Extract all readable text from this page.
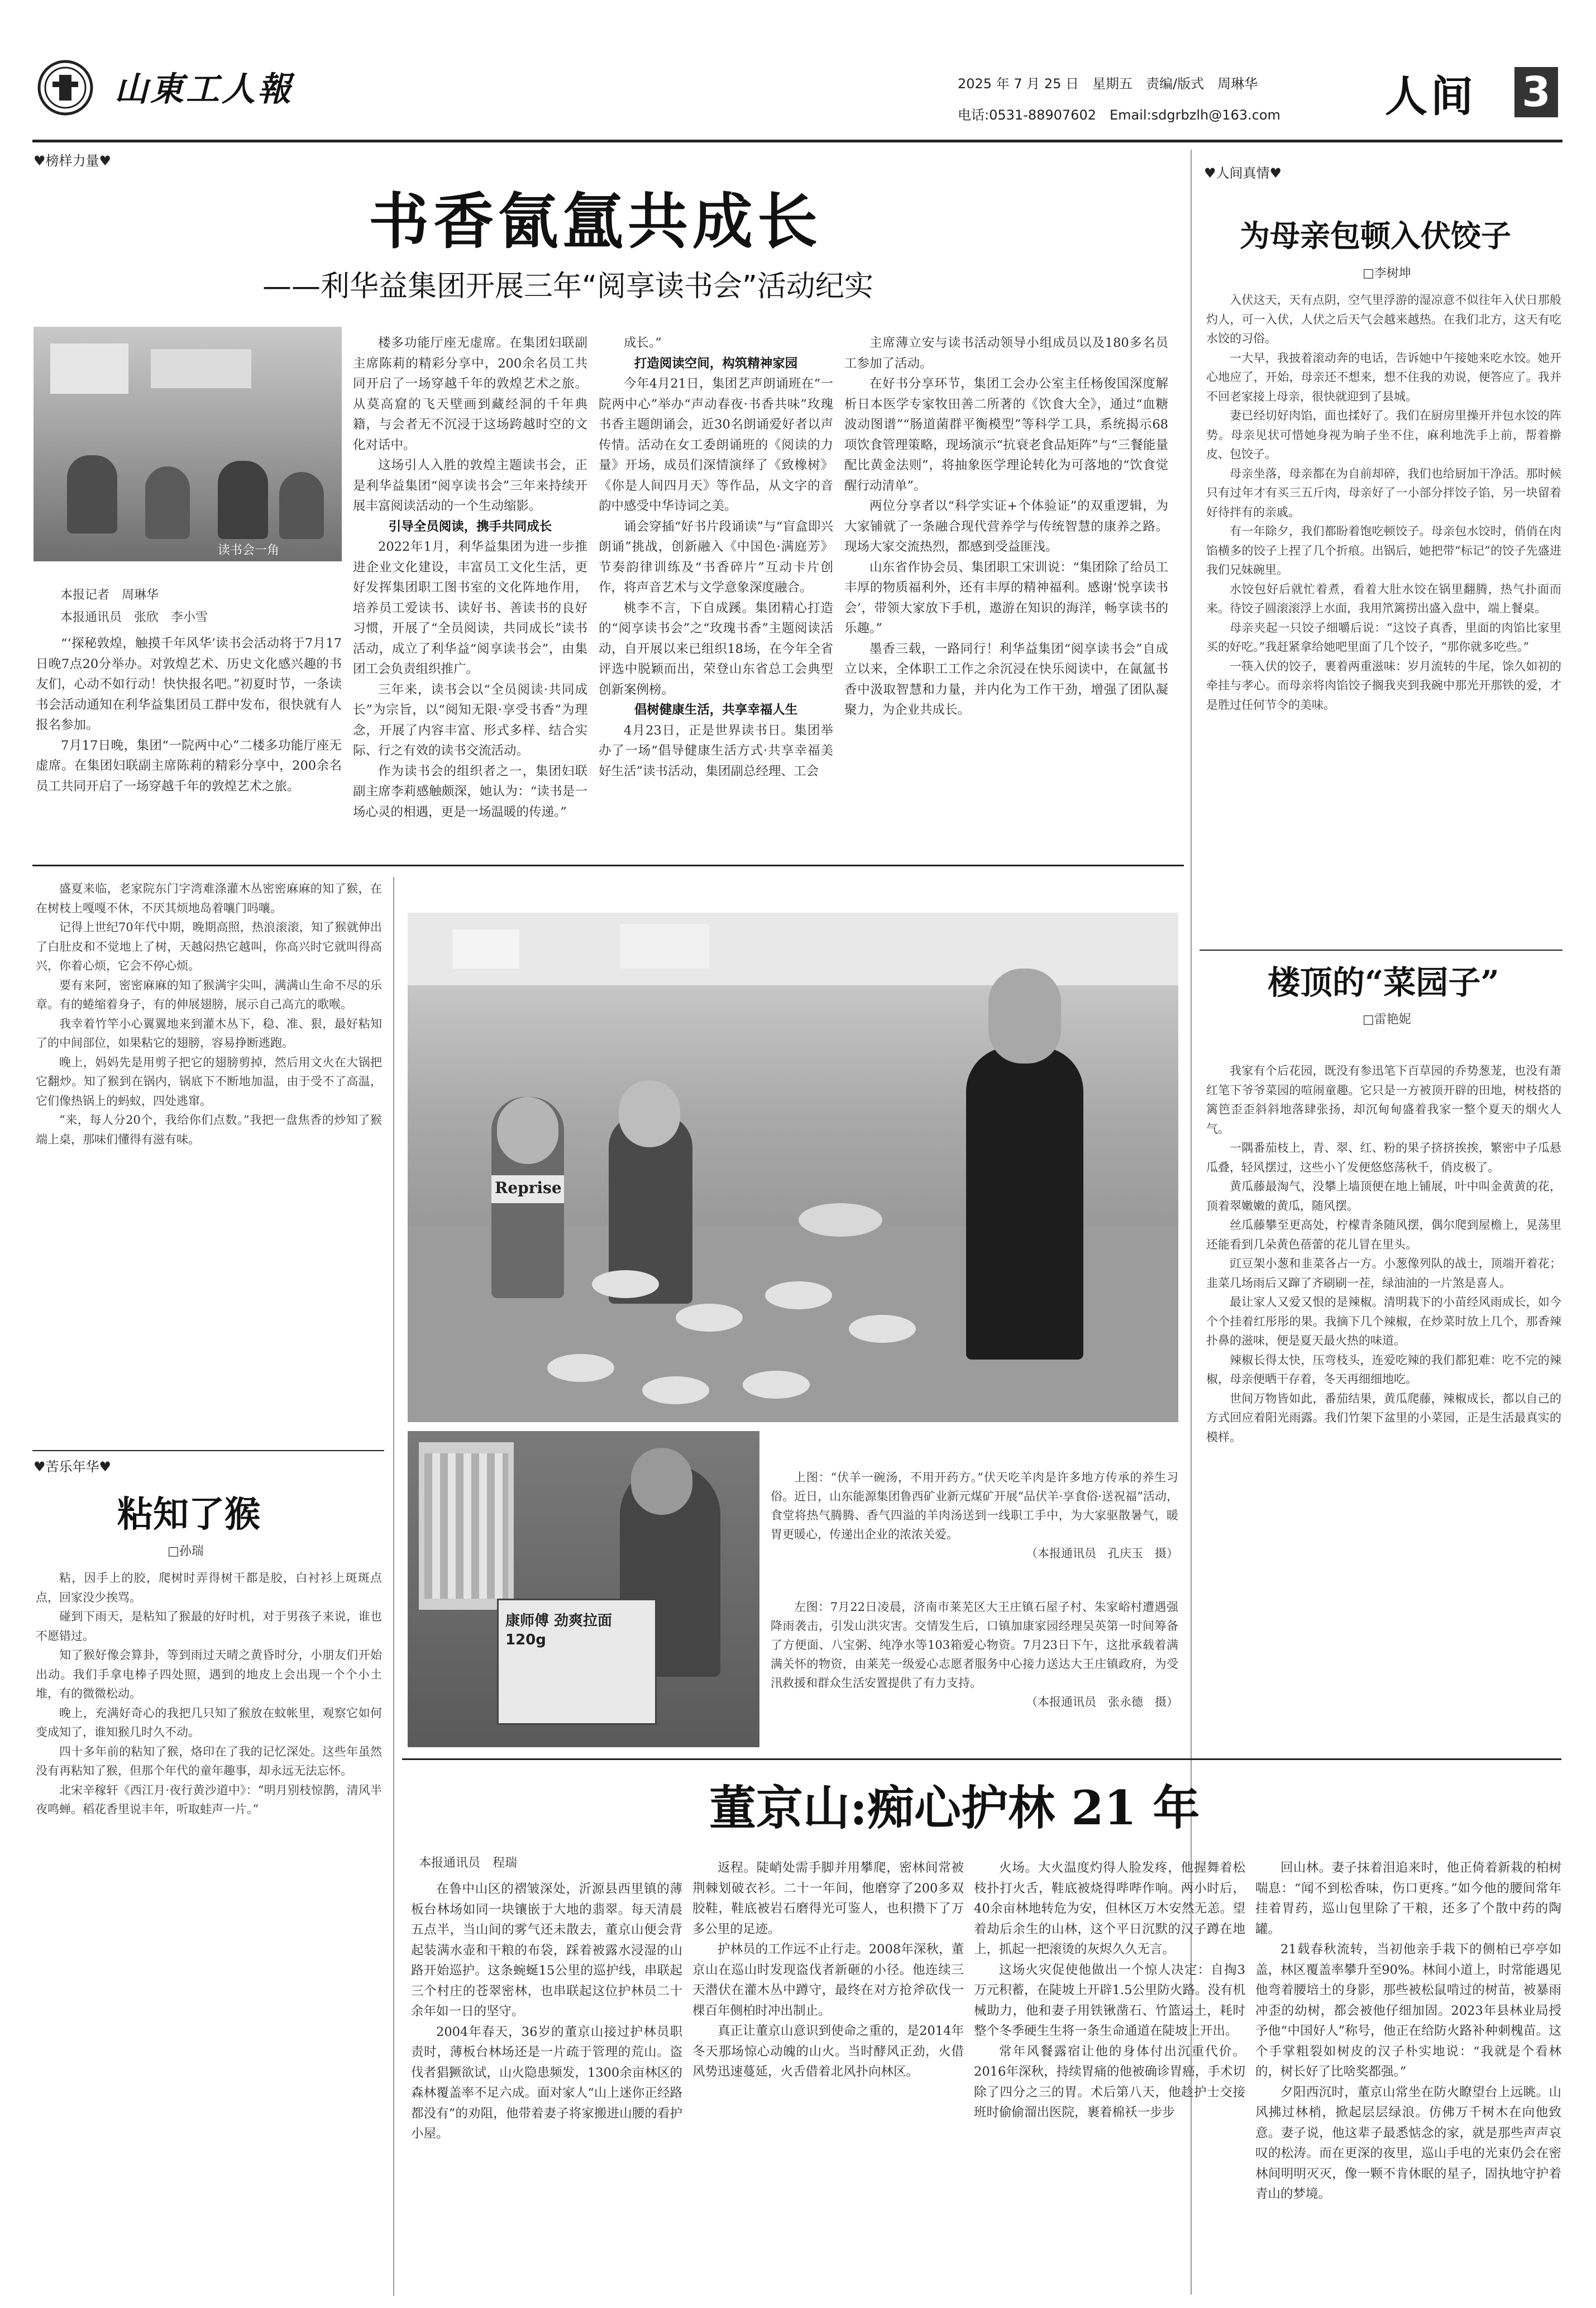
山東工人報	2025 年 7 月 25 日　星期五　责编/版式　周琳华
电话:0531-88907602　Email:sdgrbzlh@163.com 人间 3
♥榜样力量♥
书香氤氲共成长
——利华益集团开展三年“阅享读书会”活动纪实
读书会一角
本报记者　周琳华
本报通讯员　张欣　李小雪

“‘探秘敦煌，触摸千年风华’读书会活动将于7月17日晚7点20分举办。对敦煌艺术、历史文化感兴趣的书友们，心动不如行动！快快报名吧。”初夏时节，一条读书会活动通知在利华益集团员工群中发布，很快就有人报名参加。

7月17日晚，集团“一院两中心”二楼多功能厅座无虚席。在集团妇联副主席陈莉的精彩分享中，200余名员工共同开启了一场穿越千年的敦煌艺术之旅。

楼多功能厅座无虚席。在集团妇联副主席陈莉的精彩分享中，200余名员工共同开启了一场穿越千年的敦煌艺术之旅。从莫高窟的飞天壁画到藏经洞的千年典籍，与会者无不沉浸于这场跨越时空的文化对话中。

这场引人入胜的敦煌主题读书会，正是利华益集团“阅享读书会”三年来持续开展丰富阅读活动的一个生动缩影。

引导全员阅读，携手共同成长

2022年1月，利华益集团为进一步推进企业文化建设，丰富员工文化生活，更好发挥集团职工图书室的文化阵地作用，培养员工爱读书、读好书、善读书的良好习惯，开展了“全员阅读，共同成长”读书活动，成立了利华益“阅享读书会”，由集团工会负责组织推广。

三年来，读书会以“全员阅读·共同成长”为宗旨，以“阅知无限·享受书香”为理念，开展了内容丰富、形式多样、结合实际、行之有效的读书交流活动。

作为读书会的组织者之一，集团妇联副主席李莉感触颇深，她认为：“读书是一场心灵的相遇，更是一场温暖的传递。”

成长。”

打造阅读空间，构筑精神家园

今年4月21日，集团艺声朗诵班在“一院两中心”举办“声动春夜·书香共味”玫瑰书香主题朗诵会，近30名朗诵爱好者以声传情。活动在女工委朗诵班的《阅读的力量》开场，成员们深情演绎了《致橡树》《你是人间四月天》等作品，从文字的音韵中感受中华诗词之美。

诵会穿插“好书片段诵读”与“盲盒即兴朗诵”挑战，创新融入《中国色·满庭芳》节奏韵律训练及“书香碎片”互动卡片创作，将声音艺术与文学意象深度融合。

桃李不言，下自成蹊。集团精心打造的“阅享读书会”之“玫瑰书香”主题阅读活动，自开展以来已组织18场，在今年全省评选中脱颖而出，荣登山东省总工会典型创新案例榜。

倡树健康生活，共享幸福人生

4月23日，正是世界读书日。集团举办了一场“倡导健康生活方式·共享幸福美好生活”读书活动，集团副总经理、工会

主席薄立安与读书活动领导小组成员以及180多名员工参加了活动。

在好书分享环节，集团工会办公室主任杨俊国深度解析日本医学专家牧田善二所著的《饮食大全》，通过“血糖波动图谱”“肠道菌群平衡模型”等科学工具，系统揭示68项饮食管理策略，现场演示“抗衰老食品矩阵”与“三餐能量配比黄金法则”，将抽象医学理论转化为可落地的“饮食觉醒行动清单”。

两位分享者以“科学实证+个体验证”的双重逻辑，为大家铺就了一条融合现代营养学与传统智慧的康养之路。现场大家交流热烈，都感到受益匪浅。

山东省作协会员、集团职工宋训说：“集团除了给员工丰厚的物质福利外，还有丰厚的精神福利。感谢‘悦享读书会’，带领大家放下手机，遨游在知识的海洋，畅享读书的乐趣。”

墨香三载，一路同行！利华益集团“阅享读书会”自成立以来，全体职工工作之余沉浸在快乐阅读中，在氤氲书香中汲取智慧和力量，并内化为工作干劲，增强了团队凝聚力，为企业共成长。

盛夏来临，老家院东门字湾难涤灌木丛密密麻麻的知了猴，在在树枝上嘎嘎不休，不厌其烦地岛着嚷门吗嚷。

记得上世纪70年代中期，晚期高照，热浪滚滚，知了猴就伸出了白肚皮和不觉地上了树，天越闷热它越叫，你高兴时它就叫得高兴，你着心烦，它会不停心烦。

要有来阿，密密麻麻的知了猴满宇尖叫，满满山生命不尽的乐章。有的蜷缩着身子，有的伸展翅膀，展示自己高亢的歌喉。

我幸着竹竿小心翼翼地来到灌木丛下，稳、准、狠，最好粘知了的中间部位，如果粘它的翅膀，容易挣断逃跑。

晚上，妈妈先是用剪子把它的翅膀剪掉，然后用文火在大锅把它翻炒。知了猴到在锅内，锅底下不断地加温，由于受不了高温，它们像热锅上的蚂蚁，四处逃窜。

“来，每人分20个，我给你们点数。”我把一盘焦香的炒知了猴端上桌，那味们懂得有滋有味。

♥苦乐年华♥
粘知了猴
□孙瑞

粘，因手上的胶，爬树时弄得树干都是胶，白衬衫上斑斑点点，回家没少挨骂。

碰到下雨天，是粘知了猴最的好时机，对于男孩子来说，谁也不愿错过。

知了猴好像会算卦，等到雨过天晴之黄昏时分，小朋友们开始出动。我们手拿电棒子四处照，遇到的地皮上会出现一个个小土堆，有的微微松动。

晚上，充满好奇心的我把几只知了猴放在蚊帐里，观察它如何变成知了，谁知猴几时久不动。

四十多年前的粘知了猴，烙印在了我的记忆深处。这些年虽然没有再粘知了猴，但那个年代的童年趣事，却永远无法忘怀。

北宋辛稼轩《西江月·夜行黄沙道中》：“明月别枝惊鹊，清风半夜鸣蝉。稻花香里说丰年，听取蛙声一片。”

Reprise
康师傅 劲爽拉面 120g

上图：“伏羊一碗汤，不用开药方。”伏天吃羊肉是许多地方传承的养生习俗。近日，山东能源集团鲁西矿业新元煤矿开展“品伏羊·享食俗·送祝福”活动，食堂将热气腾腾、香气四溢的羊肉汤送到一线职工手中，为大家驱散暑气，暖胃更暖心，传递出企业的浓浓关爱。

（本报通讯员　孔庆玉　摄）

左图：7月22日凌晨，济南市莱芜区大王庄镇石屋子村、朱家峪村遭遇强降雨袭击，引发山洪灾害。交情发生后，口镇加康家园经理吴英第一时间筹备了方便面、八宝粥、纯净水等103箱爱心物资。7月23日下午，这批承载着满满关怀的物资，由莱芜一级爱心志愿者服务中心接力送达大王庄镇政府，为受汛救援和群众生活安置提供了有力支持。

（本报通讯员　张永德　摄）
董京山:痴心护林 21 年
本报通讯员　程瑞

在鲁中山区的褶皱深处，沂源县西里镇的薄板台林场如同一块镶嵌于大地的翡翠。每天清晨五点半，当山间的雾气还未散去，董京山便会背起装满水壶和干粮的布袋，踩着被露水浸湿的山路开始巡护。这条蜿蜒15公里的巡护线，串联起三个村庄的苍翠密林，也串联起这位护林员二十余年如一日的坚守。

2004年春天，36岁的董京山接过护林员职责时，薄板台林场还是一片疏于管理的荒山。盗伐者猖獗欲试，山火隐患频发，1300余亩林区的森林覆盖率不足六成。面对家人“山上迷你正经路都没有”的劝阻，他带着妻子将家搬进山腰的看护小屋。

返程。陡峭处需手脚并用攀爬，密林间常被荆棘划破衣衫。二十一年间，他磨穿了200多双胶鞋，鞋底被岩石磨得光可鉴人，也积攒下了万多公里的足迹。

护林员的工作远不止行走。2008年深秋，董京山在巡山时发现盗伐者新砸的小径。他连续三天潜伏在灌木丛中蹲守，最终在对方抢斧砍伐一棵百年侧柏时冲出制止。

真正让董京山意识到使命之重的，是2014年冬天那场惊心动魄的山火。当时酵风正劲，火借风势迅速蔓延，火舌借着北风扑向林区。

火场。大火温度灼得人脸发疼，他握舞着松枝扑打火舌，鞋底被烧得哔哔作响。两小时后，40余亩林地转危为安，但林区万木安然无恙。望着劫后余生的山林，这个平日沉默的汉子蹲在地上，抓起一把滚烫的灰烬久久无言。

这场火灾促使他做出一个惊人决定：自掏3万元积蓄，在陡坡上开辟1.5公里防火路。没有机械助力，他和妻子用铁锹凿石、竹篮运土，耗时整个冬季硬生生将一条生命通道在陡坡上开出。

常年风餐露宿让他的身体付出沉重代价。2016年深秋，持续胃痛的他被确诊胃癌，手术切除了四分之三的胃。术后第八天，他趁护士交接班时偷偷溜出医院，裹着棉袄一步步

回山林。妻子抹着泪追来时，他正倚着新栽的柏树喘息：“闻不到松香味，伤口更疼。”如今他的腰间常年挂着胃药，巡山包里除了干粮，还多了个散中药的陶罐。

21载春秋流转，当初他亲手栽下的侧柏已亭亭如盖，林区覆盖率攀升至90%。林间小道上，时常能遇见他弯着腰培土的身影，那些被松鼠啃过的树苗，被暴雨冲歪的幼树，都会被他仔细加固。2023年县林业局授予他“中国好人”称号，他正在给防火路补种刺槐苗。这个手掌粗裂如树皮的汉子朴实地说：“我就是个看林的，树长好了比啥奖都强。”

夕阳西沉时，董京山常坐在防火瞭望台上远眺。山风拂过林梢，掀起层层绿浪。仿佛万千树木在向他致意。妻子说，他这辈子最悉惦念的家，就是那些声声哀叹的松涛。而在更深的夜里，巡山手电的光束仍会在密林间明明灭灭，像一颗不肯休眠的星子，固执地守护着青山的梦境。

♥人间真情♥
为母亲包顿入伏饺子
□李树坤

入伏这天，天有点阴，空气里浮游的湿凉意不似往年入伏日那般灼人，可一入伏，人伏之后天气会越来越热。在我们北方，这天有吃水饺的习俗。

一大早，我披着滚动奔的电话，告诉她中午接她来吃水饺。她开心地应了，开始，母亲还不想来，想不住我的劝说，便答应了。我并不回老家接上母亲，很快就迎到了县城。

妻已经切好肉馅，面也揉好了。我们在厨房里操开并包水饺的阵势。母亲见状可惜她身视为晌子坐不住，麻利地洗手上前，帮着擀皮、包饺子。

母亲坐落，母亲都在为自前却碎，我们也给厨加干净活。那时候只有过年才有买三五斤肉，母亲好了一小部分拌饺子馅，另一块留着好待拌有的亲戚。

有一年除夕，我们都盼着饱吃顿饺子。母亲包水饺时，俏俏在肉馅横多的饺子上捏了几个折痕。出锅后，她把带“标记”的饺子先盛进我们兄妹碗里。

水饺包好后就忙着煮，看着大肚水饺在锅里翻腾，热气扑面而来。待饺子圆滚滚浮上水面，我用笊篱捞出盛入盘中，端上餐桌。

母亲夹起一只饺子细嚼后说：“这饺子真香，里面的肉馅比家里买的好吃。”我赶紧拿给她吧里面了几个饺子，“那你就多吃些。”

一筷入伏的饺子，裹着两重滋味：岁月流转的牛尾，馀久如初的牵挂与孝心。而母亲将肉馅饺子搁我夹到我碗中那光开那铁的爱，才是胜过任何节令的美味。

楼顶的“菜园子”
□雷艳妮

我家有个后花园，既没有参迅笔下百草园的乔势葱茏，也没有萧红笔下爷爷菜园的喧闹童趣。它只是一方被顶开辟的田地，树枝搭的篱笆歪歪斜斜地落肆张扬，却沉甸甸盛着我家一整个夏天的烟火人气。

一隅番茄枝上，青、翠、红、粉的果子挤挤挨挨，繁密中子瓜悬瓜叠，轻风摆过，这些小丫发便悠悠荡秋千，俏皮极了。

黄瓜藤最淘气，没攀上墙顶便在地上铺展，叶中叫金黄黄的花，顶着翠嫩嫩的黄瓜，随风摆。

丝瓜藤攀至更高处，柠檬青条随风摆，偶尔爬到屋檐上，晃荡里还能看到几朵黄色蓓蕾的花儿冒在里头。

豇豆架小葱和韭菜各占一方。小葱像列队的战士，顶端开着花；韭菜几场雨后又蹿了齐刷刷一茬，绿油油的一片煞是喜人。

最让家人又爱又恨的是辣椒。清明栽下的小苗经风雨成长，如今个个挂着红彤彤的果。我摘下几个辣椒，在炒菜时放上几个，那香辣扑鼻的滋味，便是夏天最火热的味道。

辣椒长得太快，压弯枝头，连爱吃辣的我们都犯难：吃不完的辣椒，母亲便晒干存着，冬天再细细地吃。

世间万物皆如此，番茄结果，黄瓜爬藤，辣椒成长，都以自己的方式回应着阳光雨露。我们竹架下盆里的小菜园，正是生活最真实的模样。
